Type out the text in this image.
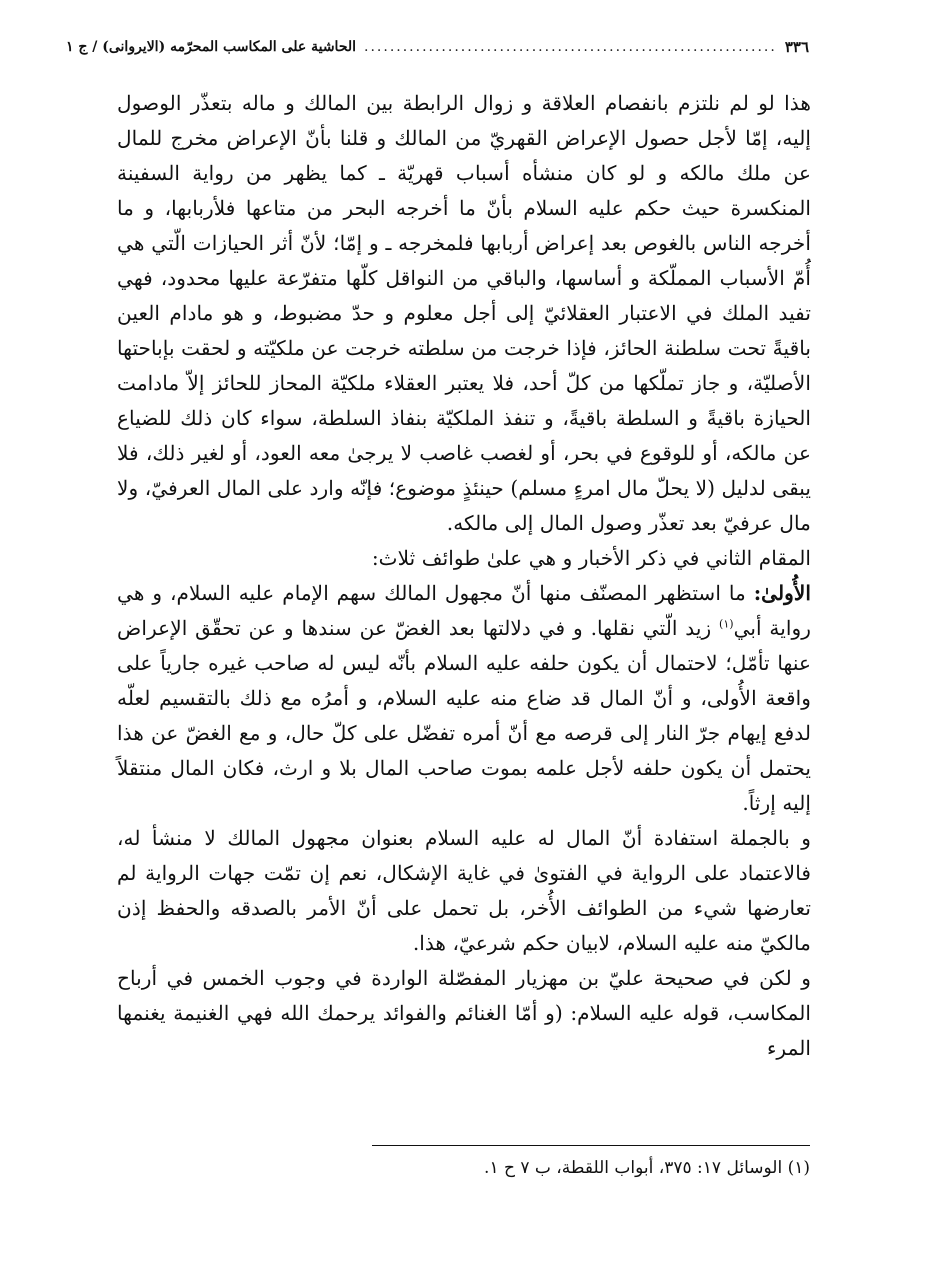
٣٣٦
................................................................
الحاشية على المكاسب المحرّمه (الايروانى) / ج ١

هذا لو لم نلتزم بانفصام العلاقة و زوال الرابطة بين المالك و ماله بتعذّر الوصول إليه، إمّا لأجل حصول الإعراض القهريّ من المالك و قلنا بأنّ الإعراض مخرج للمال عن ملك مالكه و لو كان منشأه أسباب قهريّة ـ كما يظهر من رواية السفينة المنكسرة حيث حكم عليه السلام بأنّ ما أخرجه البحر من متاعها فلأربابها، و ما أخرجه الناس بالغوص بعد إعراض أربابها فلمخرجه ـ و إمّا؛ لأنّ أثر الحيازات الّتي هي أُمّ الأسباب المملّكة و أساسها، والباقي من النواقل كلّها متفرّعة عليها محدود، فهي تفيد الملك في الاعتبار العقلائيّ إلى أجل معلوم و حدّ مضبوط، و هو مادام العين باقيةً تحت سلطنة الحائز، فإذا خرجت من سلطته خرجت عن ملكيّته و لحقت بإباحتها الأصليّة، و جاز تملّكها من كلّ أحد، فلا يعتبر العقلاء ملكيّة المحاز للحائز إلاّ مادامت الحيازة باقيةً و السلطة باقيةً، و تنفذ الملكيّة بنفاذ السلطة، سواء كان ذلك للضياع عن مالكه، أو للوقوع في بحر، أو لغصب غاصب لا يرجىٰ معه العود، أو لغير ذلك، فلا يبقى لدليل (لا يحلّ مال امرءٍ مسلم) حينئذٍ موضوع؛ فإنّه وارد على المال العرفيّ، ولا مال عرفيّ بعد تعذّر وصول المال إلى مالكه.

المقام الثاني في ذكر الأخبار و هي علىٰ طوائف ثلاث:

الأُولىٰ: ما استظهر المصنّف منها أنّ مجهول المالك سهم الإمام عليه السلام، و هي رواية أبي$^{(١)}$ زيد الّتي نقلها. و في دلالتها بعد الغضّ عن سندها و عن تحقّق الإعراض عنها تأمّل؛ لاحتمال أن يكون حلفه عليه السلام بأنّه ليس له صاحب غيره جارياً على واقعة الأُولى، و أنّ المال قد ضاع منه عليه السلام، و أمرُه مع ذلك بالتقسيم لعلّه لدفع إيهام جرّ النار إلى قرصه مع أنّ أمره تفضّل على كلّ حال، و مع الغضّ عن هذا يحتمل أن يكون حلفه لأجل علمه بموت صاحب المال بلا و ارث، فكان المال منتقلاً إليه إرثاً.

و بالجملة استفادة أنّ المال له عليه السلام بعنوان مجهول المالك لا منشأ له، فالاعتماد على الرواية في الفتوىٰ في غاية الإشكال، نعم إن تمّت جهات الرواية لم تعارضها شيء من الطوائف الأُخر، بل تحمل على أنّ الأمر بالصدقه والحفظ إذن مالكيّ منه عليه السلام، لابيان حكم شرعيّ، هذا.

و لكن في صحيحة عليّ بن مهزيار المفصّلة الواردة في وجوب الخمس في أرباح المكاسب، قوله عليه السلام: (و أمّا الغنائم والفوائد يرحمك الله فهي الغنيمة يغنمها المرء

(١) الوسائل ١٧: ٣٧٥، أبواب اللقطة، ب ٧ ح ١.
